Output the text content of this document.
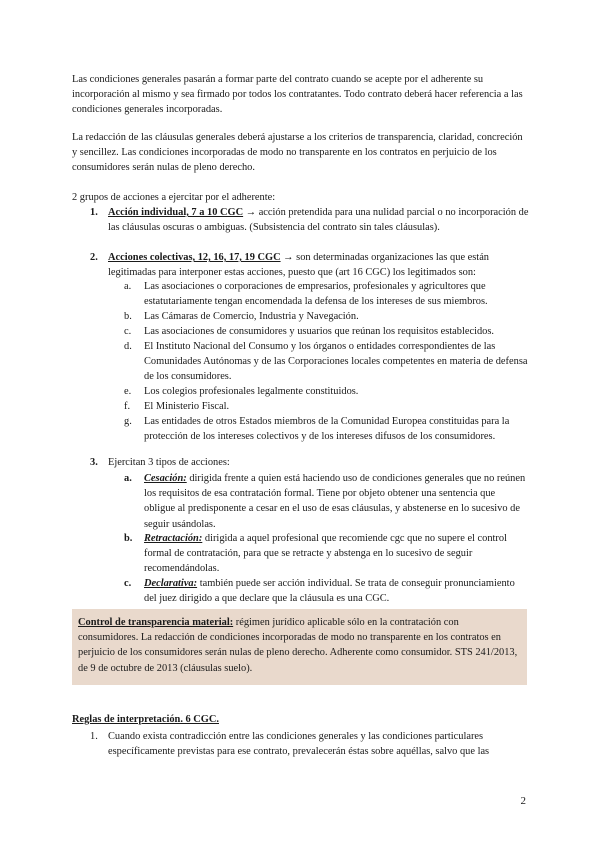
Las condiciones generales pasarán a formar parte del contrato cuando se acepte por el adherente su incorporación al mismo y sea firmado por todos los contratantes. Todo contrato deberá hacer referencia a las condiciones generales incorporadas.

La redacción de las cláusulas generales deberá ajustarse a los criterios de transparencia, claridad, concreción y sencillez. Las condiciones incorporadas de modo no transparente en los contratos en perjuicio de los consumidores serán nulas de pleno derecho.

2 grupos de acciones a ejercitar por el adherente:

1. Acción individual, 7 a 10 CGC → acción pretendida para una nulidad parcial o no incorporación de las cláusulas oscuras o ambiguas. (Subsistencia del contrato sin tales cláusulas).
2. Acciones colectivas, 12, 16, 17, 19 CGC → son determinadas organizaciones las que están legitimadas para interponer estas acciones, puesto que (art 16 CGC) los legitimados son:
a. Las asociaciones o corporaciones de empresarios, profesionales y agricultores que estatutariamente tengan encomendada la defensa de los intereses de sus miembros.
b. Las Cámaras de Comercio, Industria y Navegación.
c. Las asociaciones de consumidores y usuarios que reúnan los requisitos establecidos.
d. El Instituto Nacional del Consumo y los órganos o entidades correspondientes de las Comunidades Autónomas y de las Corporaciones locales competentes en materia de defensa de los consumidores.
e. Los colegios profesionales legalmente constituidos.
f. El Ministerio Fiscal.
g. Las entidades de otros Estados miembros de la Comunidad Europea constituidas para la protección de los intereses colectivos y de los intereses difusos de los consumidores.
3. Ejercitan 3 tipos de acciones:
a. Cesación: dirigida frente a quien está haciendo uso de condiciones generales que no reúnen los requisitos de esa contratación formal. Tiene por objeto obtener una sentencia que obligue al predisponente a cesar en el uso de esas cláusulas, y abstenerse en lo sucesivo de seguir usándolas.
b. Retractación: dirigida a aquel profesional que recomiende cgc que no supere el control formal de contratación, para que se retracte y abstenga en lo sucesivo de seguir recomendándolas.
c. Declarativa: también puede ser acción individual. Se trata de conseguir pronunciamiento del juez dirigido a que declare que la cláusula es una CGC.
Control de transparencia material: régimen jurídico aplicable sólo en la contratación con consumidores. La redacción de condiciones incorporadas de modo no transparente en los contratos en perjuicio de los consumidores serán nulas de pleno derecho. Adherente como consumidor. STS 241/2013, de 9 de octubre de 2013 (cláusulas suelo).
Reglas de interpretación. 6 CGC.
1. Cuando exista contradicción entre las condiciones generales y las condiciones particulares específicamente previstas para ese contrato, prevalecerán éstas sobre aquéllas, salvo que las
2
